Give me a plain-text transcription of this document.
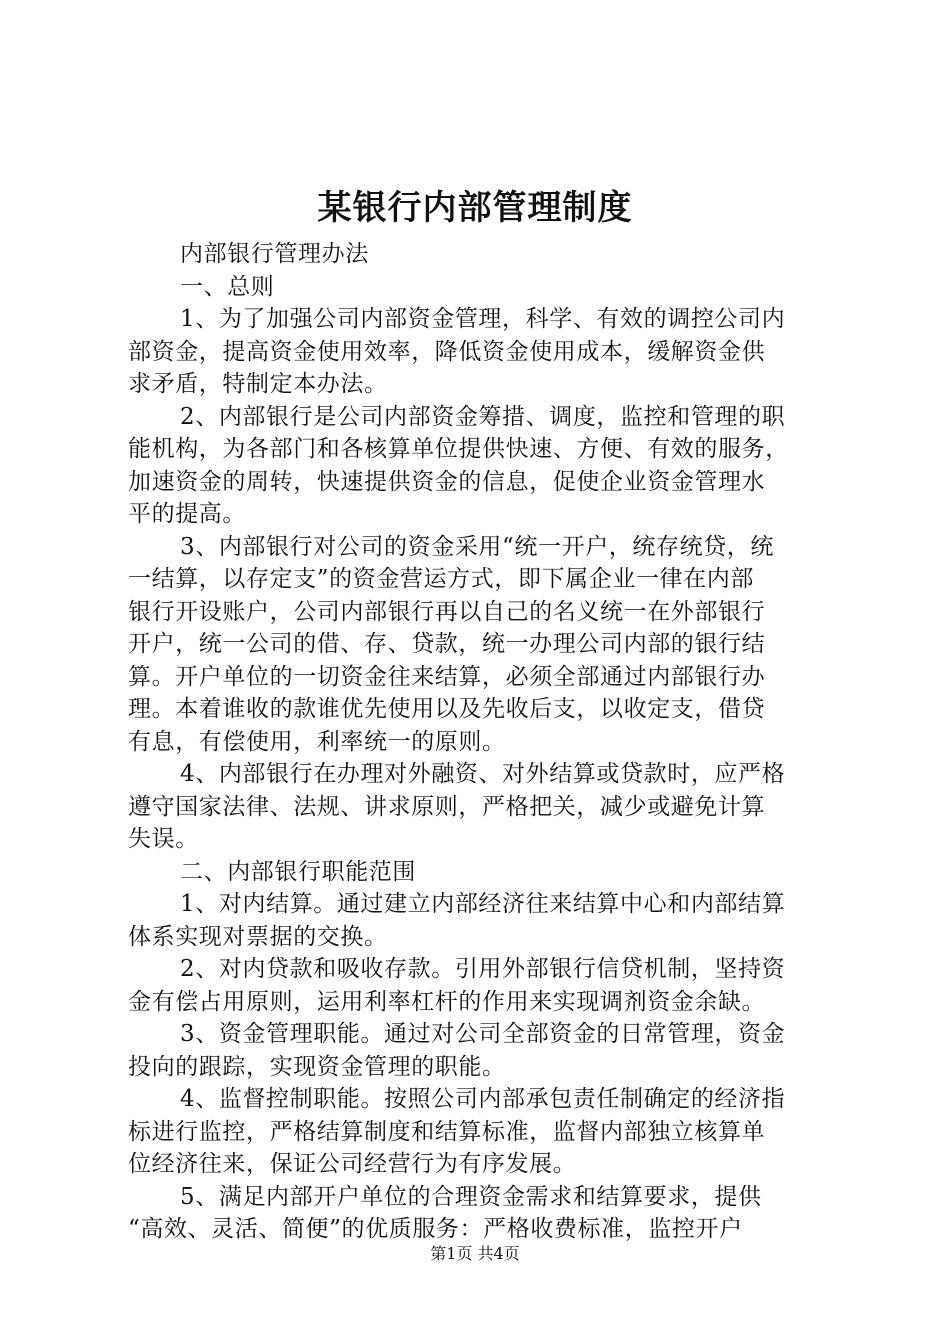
某银行内部管理制度
内部银行管理办法
一、总则
1、为了加强公司内部资金管理，科学、有效的调控公司内
部资金，提高资金使用效率，降低资金使用成本，缓解资金供
求矛盾，特制定本办法。
2、内部银行是公司内部资金筹措、调度，监控和管理的职
能机构，为各部门和各核算单位提供快速、方便、有效的服务，
加速资金的周转，快速提供资金的信息，促使企业资金管理水
平的提高。
3、内部银行对公司的资金采用“统一开户，统存统贷，统
一结算，以存定支”的资金营运方式，即下属企业一律在内部
银行开设账户，公司内部银行再以自己的名义统一在外部银行
开户，统一公司的借、存、贷款，统一办理公司内部的银行结
算。开户单位的一切资金往来结算，必须全部通过内部银行办
理。本着谁收的款谁优先使用以及先收后支，以收定支，借贷
有息，有偿使用，利率统一的原则。
4、内部银行在办理对外融资、对外结算或贷款时，应严格
遵守国家法律、法规、讲求原则，严格把关，减少或避免计算
失误。
二、内部银行职能范围
1、对内结算。通过建立内部经济往来结算中心和内部结算
体系实现对票据的交换。
2、对内贷款和吸收存款。引用外部银行信贷机制，坚持资
金有偿占用原则，运用利率杠杆的作用来实现调剂资金余缺。
3、资金管理职能。通过对公司全部资金的日常管理，资金
投向的跟踪，实现资金管理的职能。
4、监督控制职能。按照公司内部承包责任制确定的经济指
标进行监控，严格结算制度和结算标准，监督内部独立核算单
位经济往来，保证公司经营行为有序发展。
5、满足内部开户单位的合理资金需求和结算要求，提供
“高效、灵活、简便”的优质服务：严格收费标准，监控开户
第1页 共4页
